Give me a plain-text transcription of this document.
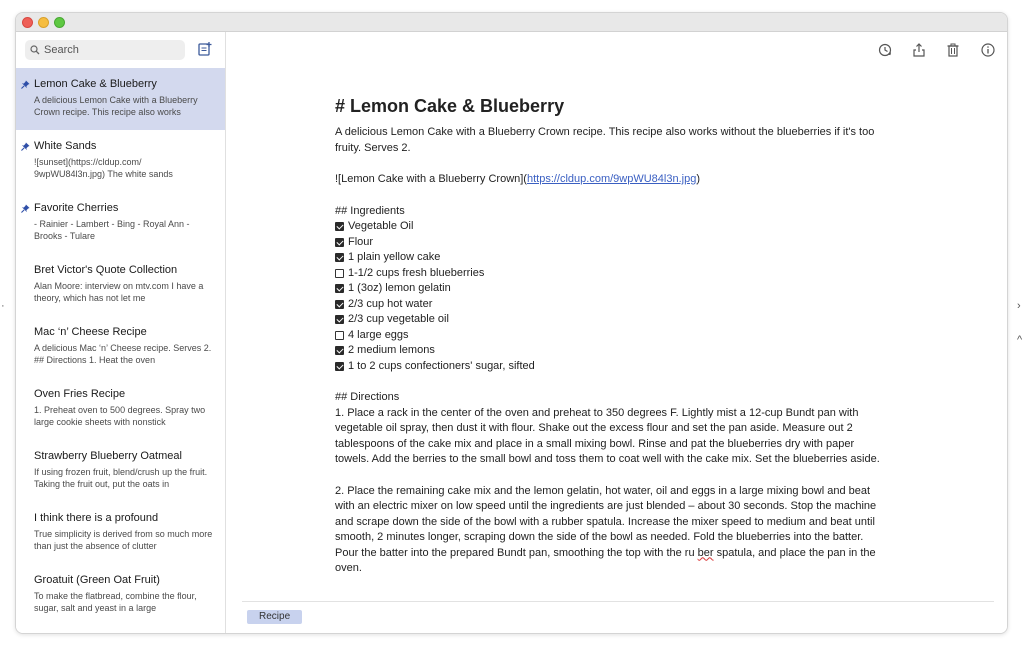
Search
Lemon Cake & Blueberry
A delicious Lemon Cake with a Blueberry Crown recipe. This recipe also works
White Sands
![sunset](https://cldup.com/ 9wpWU84l3n.jpg) The white sands
Favorite Cherries
- Rainier - Lambert - Bing - Royal Ann - Brooks - Tulare
Bret Victor's Quote Collection
Alan Moore: interview on mtv.com I have a theory, which has not let me
Mac ‘n’ Cheese Recipe
A delicious Mac ‘n’ Cheese recipe. Serves 2. ## Directions 1. Heat the oven
Oven Fries Recipe
1. Preheat oven to 500 degrees. Spray two large cookie sheets with nonstick
Strawberry Blueberry Oatmeal
If using frozen fruit, blend/crush up the fruit. Taking the fruit out, put the oats in
I think there is a profound
True simplicity is derived from so much more than just the absence of clutter
Groatuit (Green Oat Fruit)
To make the flatbread, combine the flour, sugar, salt and yeast in a large
# Lemon Cake & Blueberry
A delicious Lemon Cake with a Blueberry Crown recipe. This recipe also works without the blueberries if it's too fruity. Serves 2.
![Lemon Cake with a Blueberry Crown](https://cldup.com/9wpWU84l3n.jpg)
## Ingredients
Vegetable Oil
Flour
1 plain yellow cake
1-1/2 cups fresh blueberries
1 (3oz) lemon gelatin
2/3 cup hot water
2/3 cup vegetable oil
4 large eggs
2 medium lemons
1 to 2 cups confectioners' sugar, sifted
## Directions
1. Place a rack in the center of the oven and preheat to 350 degrees F. Lightly mist a 12-cup Bundt pan with vegetable oil spray, then dust it with flour. Shake out the excess flour and set the pan aside. Measure out 2 tablespoons of the cake mix and place in a small mixing bowl. Rinse and pat the blueberries dry with paper towels. Add the berries to the small bowl and toss them to coat well with the cake mix. Set the blueberries aside.
2. Place the remaining cake mix and the lemon gelatin, hot water, oil and eggs in a large mixing bowl and beat with an electric mixer on low speed until the ingredients are just blended – about 30 seconds. Stop the machine and scrape down the side of the bowl with a rubber spatula. Increase the mixer speed to medium and beat until smooth, 2 minutes longer, scraping down the side of the bowl as needed. Fold the blueberries into the batter. Pour the batter into the prepared Bundt pan, smoothing the top with the ru ber spatula, and place the pan in the oven.
Recipe
›
^
·
